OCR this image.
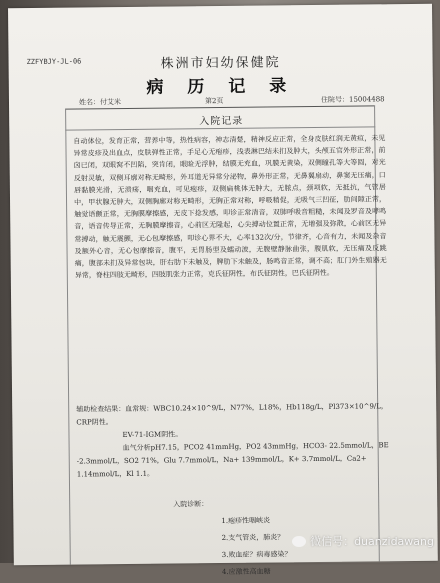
ZZFYBJY-JL-06	株洲市妇幼保健院
病 历 记 录
姓名：付艾米	第2页	住院号：15004488
入院记录
自动体位，发育正常，营养中等，热性病容，神志清楚，精神反应正常，全身皮肤红润无黄疸，未见异常皮疹及出血点，皮肤弹性正常，手足心无疱疹，浅表淋巴结未扪及肿大，头颅五官外形正常，前囟已闭，双眼窝不凹陷，突肯闭，眼睑无浮肿，结膜无充血，巩膜无黄染，双侧瞳孔等大等圆，对光反射灵敏，双侧耳廓对称无畸形，外耳道无异常分泌物，鼻外形正常，无鼻翼扇动，鼻窦无压痛，口唇黏膜光滑，无溃疡，咽充血，可见疱疹，双侧扁桃体无肿大，无脓点，颈项软，无抵抗，气管居中，甲状腺无肿大，双侧胸廓对称无畸形，无胸正常对称，呼吸稍促，无吸气三凹征，肋间隙正常，触觉语颤正常，无胸膜摩擦感，无皮下捻发感，叩诊正常清音，双肺呼吸音粗糙，未闻及罗音及哮鸣音，语音传导正常，无胸膜摩擦音，心前区无隆起，心尖搏动位置正常，无增强及弥散，心前区无异常搏动，触无震颤，无心包摩擦感，叩诊心界不大，心率132次/分，节律齐，心音有力，未闻及杂音及额外心音，无心包摩擦音，腹平，无胃肠型及蠕动波，无腹壁静脉曲张，腹肌软，无压痛及反跳痛，腹部未扪及异常包块，肝右肋下未触及，脾肋下未触及，肠鸣音正常，调不高；肛门外生殖器无异常，脊柱四肢无畸形，四肢肌张力正常，克氏征阴性，布氏征阴性，巴氏征阴性。

辅助检查结果：血常规：WBC10.24×10^9/L，N77%，L18%，Hb118g/L，Pl373×10^9/L，CRP阴性。

EV-71-IGM阴性。

血气分析pH7.15，PCO2 41mmHg，PO2 43mmHg，HCO3- 22.5mmol/L，BE -2.3mmol/L，SO2 71%，Glu 7.7mmol/L，Na+ 139mmol/L，K+ 3.7mmol/L，Ca2+ 1.14mmol/L，Kl 1.1。

入院诊断：

1.疱疹性咽峡炎

2.支气管炎，肺炎？

3.败血症？病毒感染？

4.应激性高血糖

微信号：duanzidawang
